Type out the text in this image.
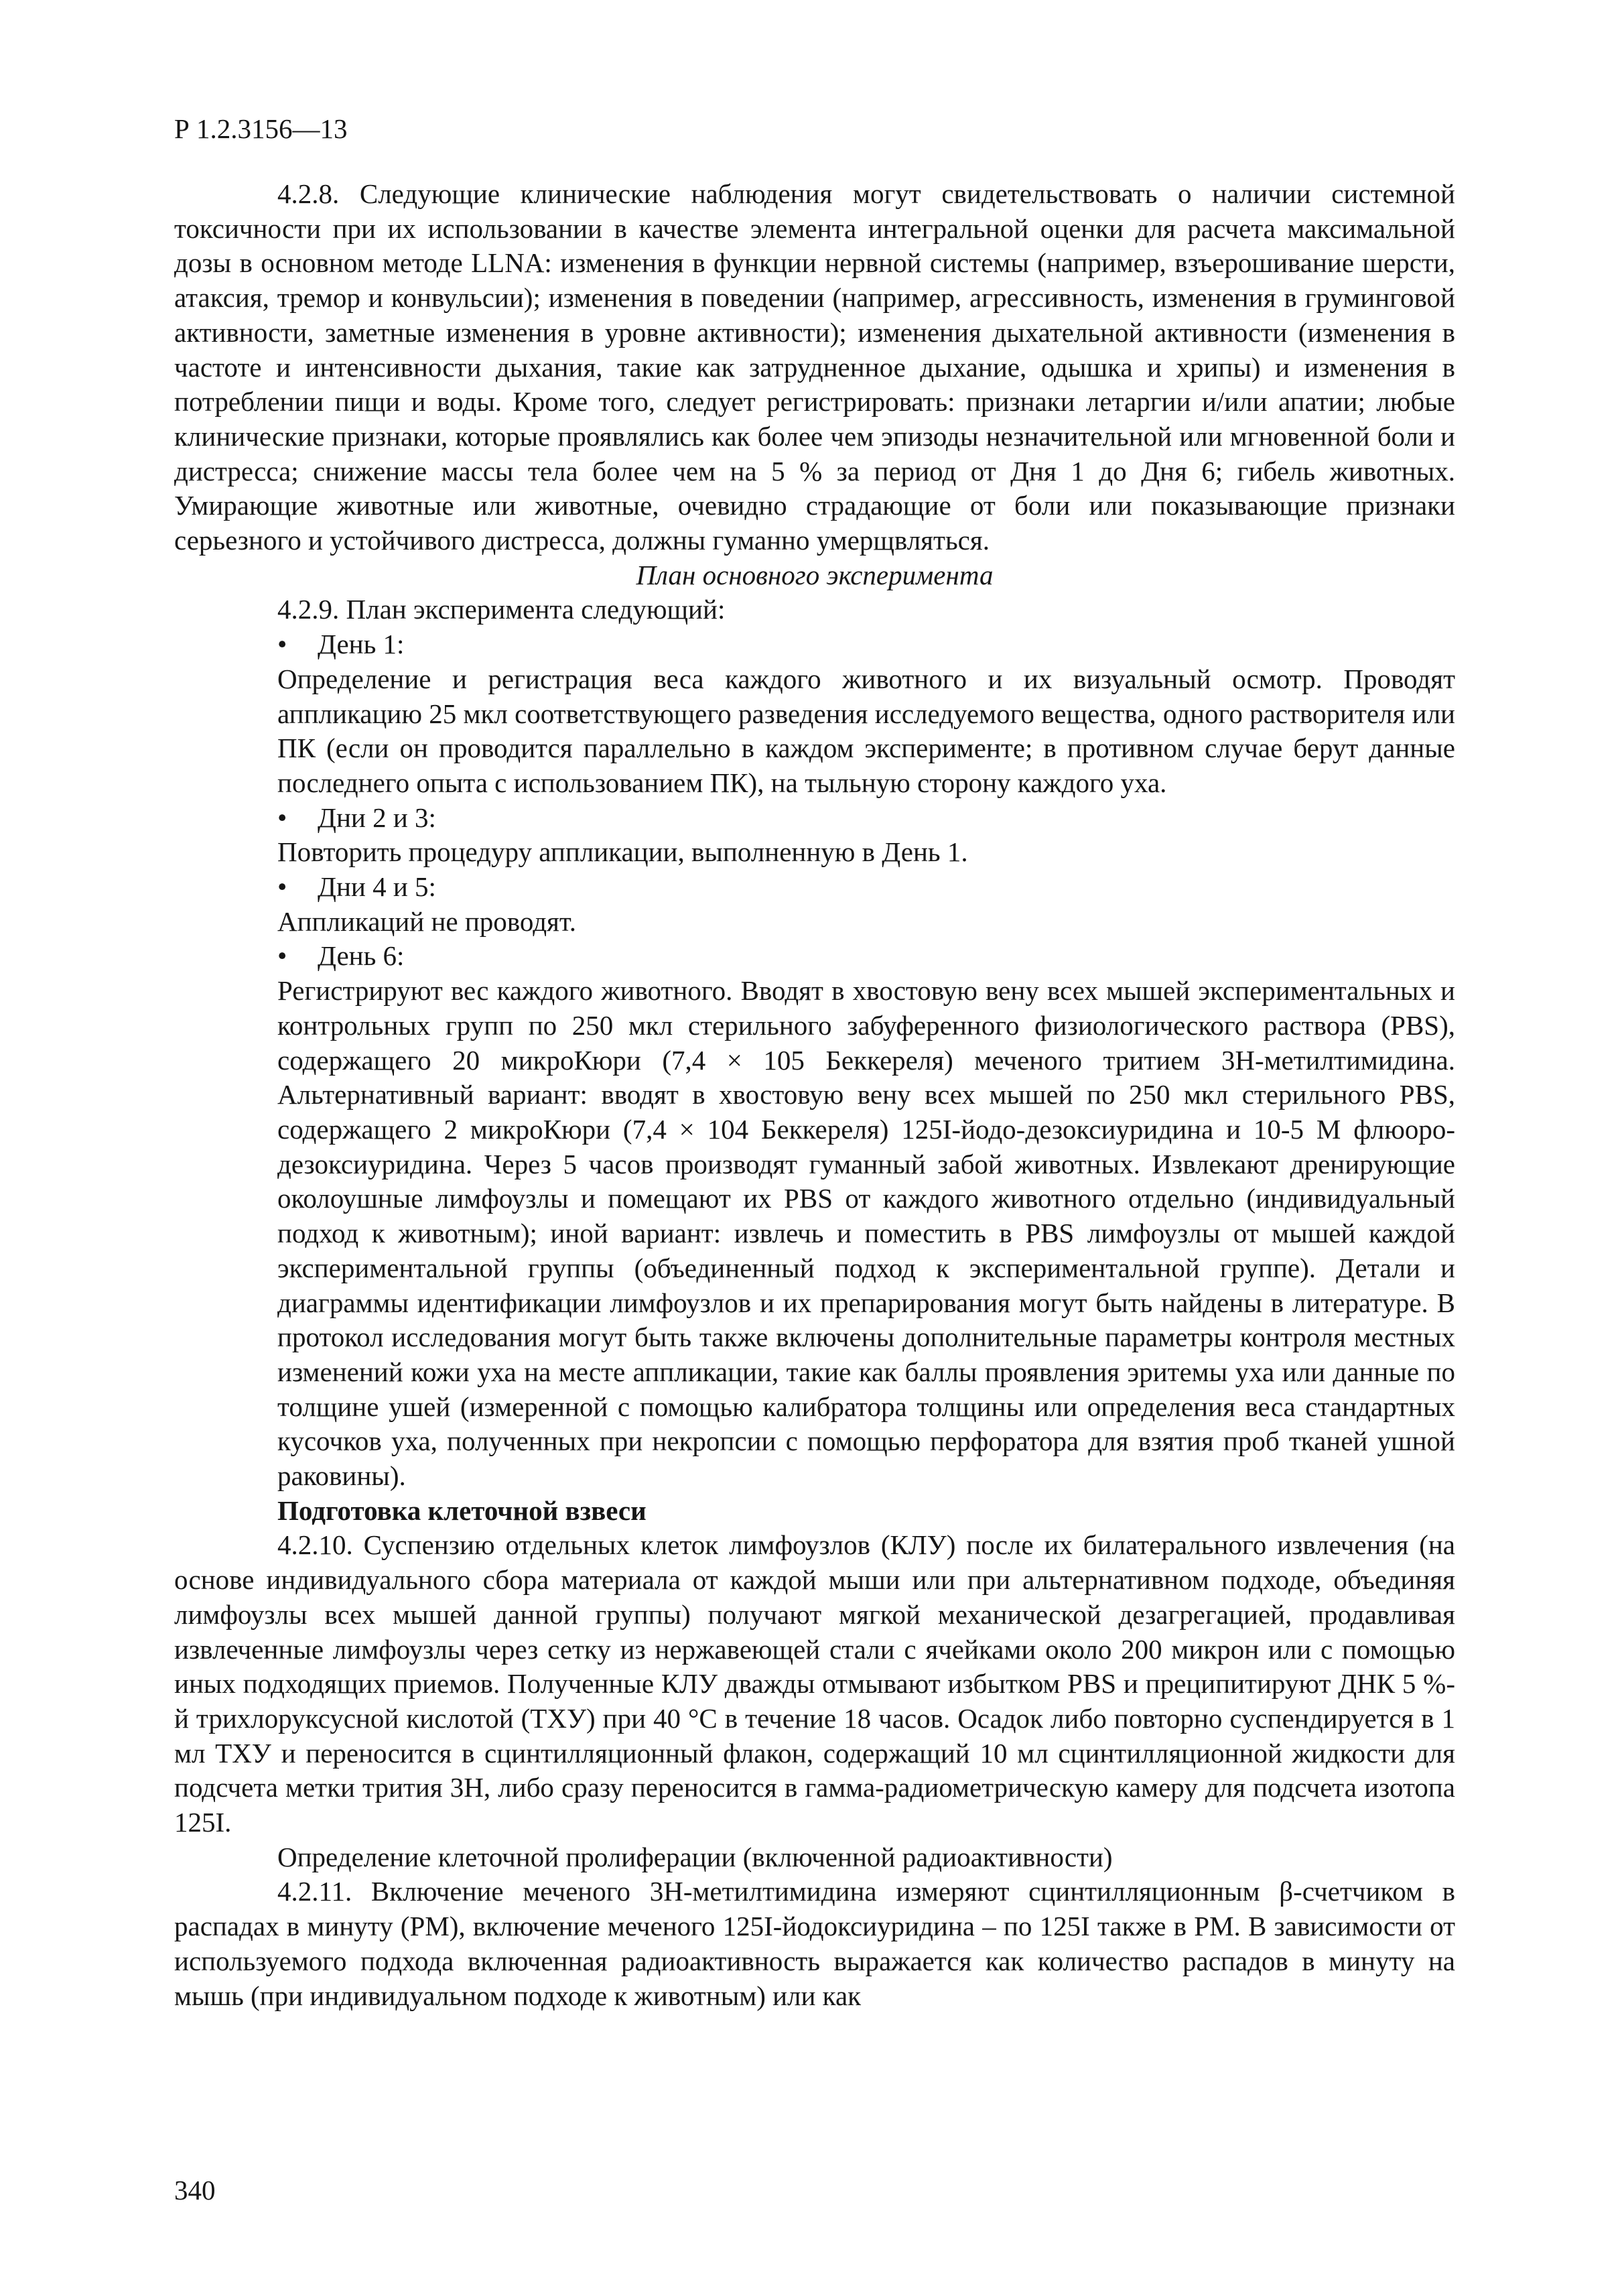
Р 1.2.3156—13

4.2.8. Следующие клинические наблюдения могут свидетельствовать о наличии системной токсичности при их использовании в качестве элемента интегральной оценки для расчета максимальной дозы в основном методе LLNA: изменения в функции нервной системы (например, взъерошивание шерсти, атаксия, тремор и конвульсии); изменения в поведении (например, агрессивность, изменения в груминговой активности, заметные изменения в уровне активности); изменения дыхательной активности (изменения в частоте и интенсивности дыхания, такие как затрудненное дыхание, одышка и хрипы) и изменения в потреблении пищи и воды. Кроме того, следует регистрировать: признаки летаргии и/или апатии; любые клинические признаки, которые проявлялись как более чем эпизоды незначительной или мгновенной боли и дистресса; снижение массы тела более чем на 5 % за период от Дня 1 до Дня 6; гибель животных. Умирающие животные или животные, очевидно страдающие от боли или показывающие признаки серьезного и устойчивого дистресса, должны гуманно умерщвляться.

План основного эксперимента

4.2.9. План эксперимента следующий:

• День 1:

Определение и регистрация веса каждого животного и их визуальный осмотр. Проводят аппликацию 25 мкл соответствующего разведения исследуемого вещества, одного растворителя или ПК (если он проводится параллельно в каждом эксперименте; в противном случае берут данные последнего опыта с использованием ПК), на тыльную сторону каждого уха.

• Дни 2 и 3:

Повторить процедуру аппликации, выполненную в День 1.

• Дни 4 и 5:

Аппликаций не проводят.

• День 6:

Регистрируют вес каждого животного. Вводят в хвостовую вену всех мышей экспериментальных и контрольных групп по 250 мкл стерильного забуференного физиологического раствора (PBS), содержащего 20 микроКюри (7,4 × 105 Беккереля) меченого тритием 3Н-метилтимидина. Альтернативный вариант: вводят в хвостовую вену всех мышей по 250 мкл стерильного PBS, содержащего 2 микроКюри (7,4 × 104 Беккереля) 125I-йодо-дезоксиуридина и 10-5 М флюоро-дезоксиуридина. Через 5 часов производят гуманный забой животных. Извлекают дренирующие околоушные лимфоузлы и помещают их PBS от каждого животного отдельно (индивидуальный подход к животным); иной вариант: извлечь и поместить в PBS лимфоузлы от мышей каждой экспериментальной группы (объединенный подход к экспериментальной группе). Детали и диаграммы идентификации лимфоузлов и их препарирования могут быть найдены в литературе. В протокол исследования могут быть также включены дополнительные параметры контроля местных изменений кожи уха на месте аппликации, такие как баллы проявления эритемы уха или данные по толщине ушей (измеренной с помощью калибратора толщины или определения веса стандартных кусочков уха, полученных при некропсии с помощью перфоратора для взятия проб тканей ушной раковины).

Подготовка клеточной взвеси

4.2.10. Суспензию отдельных клеток лимфоузлов (КЛУ) после их билатерального извлечения (на основе индивидуального сбора материала от каждой мыши или при альтернативном подходе, объединяя лимфоузлы всех мышей данной группы) получают мягкой механической дезагрегацией, продавливая извлеченные лимфоузлы через сетку из нержавеющей стали с ячейками около 200 микрон или с помощью иных подходящих приемов. Полученные КЛУ дважды отмывают избытком PBS и преципитируют ДНК 5 %-й трихлоруксусной кислотой (ТХУ) при 40 °С в течение 18 часов. Осадок либо повторно суспендируется в 1 мл ТХУ и переносится в сцинтилляционный флакон, содержащий 10 мл сцинтилляционной жидкости для подсчета метки трития 3Н, либо сразу переносится в гамма-радиометрическую камеру для подсчета изотопа 125I.

Определение клеточной пролиферации (включенной радиоактивности)

4.2.11. Включение меченого 3Н-метилтимидина измеряют сцинтилляционным β-счетчиком в распадах в минуту (РМ), включение меченого 125I-йодоксиуридина – по 125I также в РМ. В зависимости от используемого подхода включенная радиоактивность выражается как количество распадов в минуту на мышь (при индивидуальном подходе к животным) или как

340
